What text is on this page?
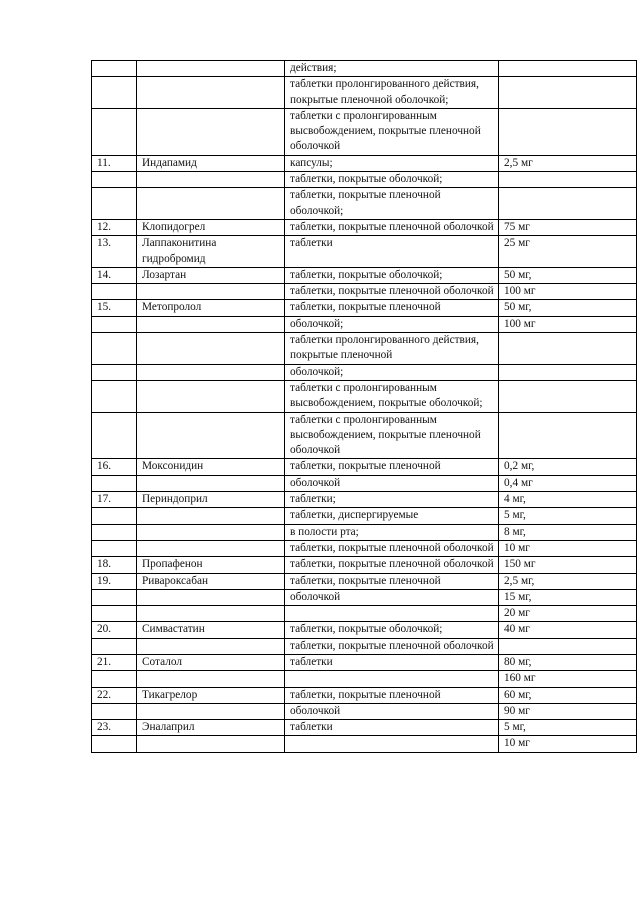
		действия;	
		таблетки пролонгированного действия, покрытые пленочной оболочкой;	
		таблетки с пролонгированным высвобождением, покрытые пленочной оболочкой	
11.	Индапамид	капсулы;	2,5 мг
		таблетки, покрытые оболочкой;	
		таблетки, покрытые пленочной оболочкой;	
12.	Клопидогрел	таблетки, покрытые пленочной оболочкой	75 мг
13.	Лаппаконитина гидробромид	таблетки	25 мг
14.	Лозартан	таблетки, покрытые оболочкой;	50 мг,
		таблетки, покрытые пленочной оболочкой	100 мг
15.	Метопролол	таблетки, покрытые пленочной	50 мг,
		оболочкой;	100 мг
		таблетки пролонгированного действия, покрытые пленочной	
		оболочкой;	
		таблетки с пролонгированным высвобождением, покрытые оболочкой;	
		таблетки с пролонгированным высвобождением, покрытые пленочной оболочкой	
16.	Моксонидин	таблетки, покрытые пленочной	0,2 мг,
		оболочкой	0,4 мг
17.	Периндоприл	таблетки;	4 мг,
		таблетки, диспергируемые	5 мг,
		в полости рта;	8 мг,
		таблетки, покрытые пленочной оболочкой	10 мг
18.	Пропафенон	таблетки, покрытые пленочной оболочкой	150 мг
19.	Ривароксабан	таблетки, покрытые пленочной	2,5 мг,
		оболочкой	15 мг,
			20 мг
20.	Симвастатин	таблетки, покрытые оболочкой;	40 мг
		таблетки, покрытые пленочной оболочкой	
21.	Соталол	таблетки	80 мг,
			160 мг
22.	Тикагрелор	таблетки, покрытые пленочной	60 мг,
		оболочкой	90 мг
23.	Эналаприл	таблетки	5 мг,
			10 мг
